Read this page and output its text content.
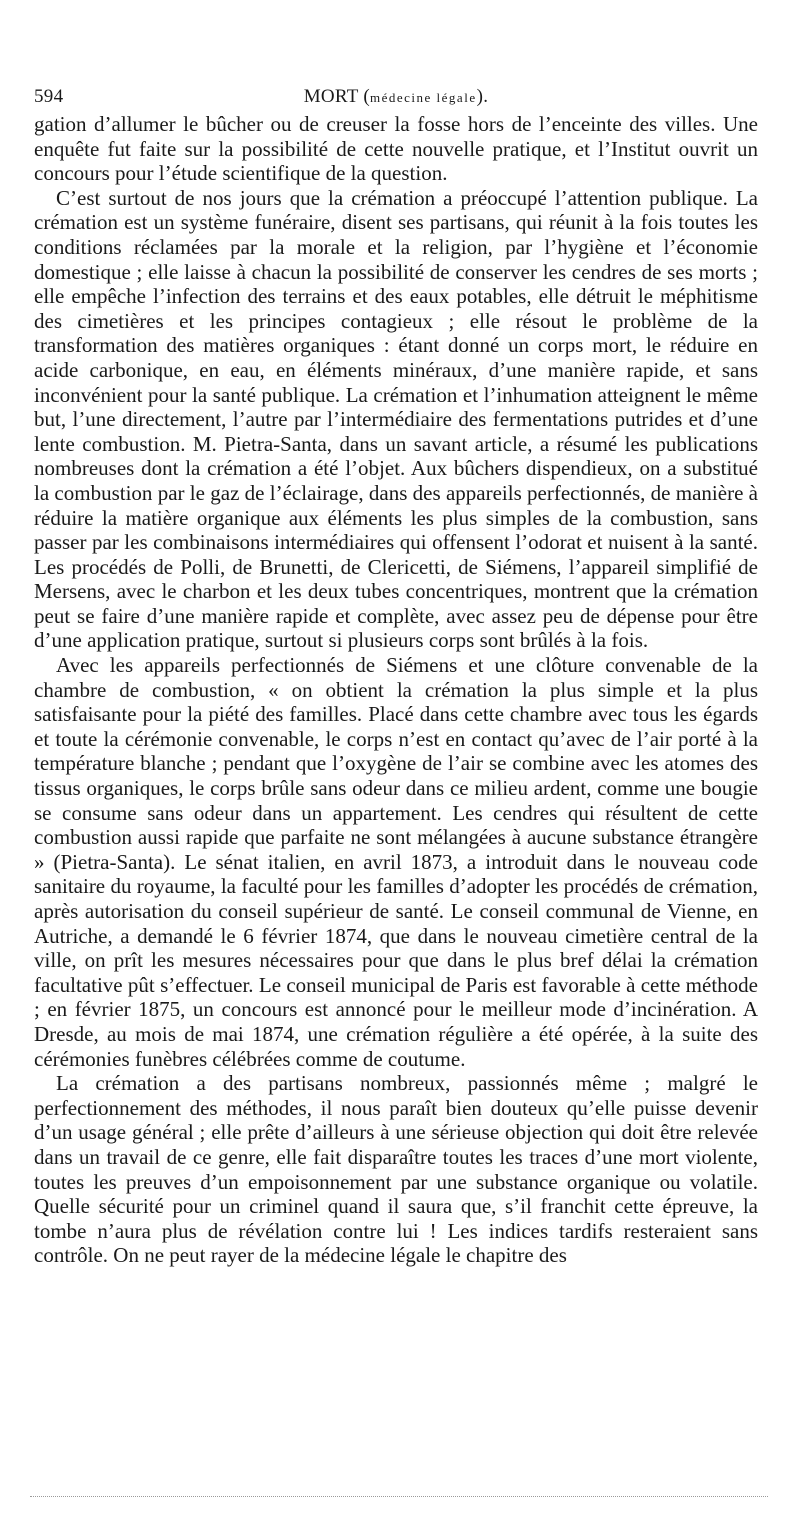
594	MORT (médecine légale).

gation d’allumer le bûcher ou de creuser la fosse hors de l’enceinte des villes. Une enquête fut faite sur la possibilité de cette nouvelle pratique, et l’Institut ouvrit un concours pour l’étude scientifique de la question.

C’est surtout de nos jours que la crémation a préoccupé l’attention publique. La crémation est un système funéraire, disent ses partisans, qui réunit à la fois toutes les conditions réclamées par la morale et la religion, par l’hygiène et l’économie domestique ; elle laisse à chacun la possibilité de conserver les cendres de ses morts ; elle empêche l’infection des terrains et des eaux potables, elle détruit le méphitisme des cimetières et les principes contagieux ; elle résout le problème de la transformation des matières organiques : étant donné un corps mort, le réduire en acide carbonique, en eau, en éléments minéraux, d’une manière rapide, et sans inconvénient pour la santé publique. La crémation et l’inhumation atteignent le même but, l’une directement, l’autre par l’intermédiaire des fermentations putrides et d’une lente combustion. M. Pietra-Santa, dans un savant article, a résumé les publications nombreuses dont la crémation a été l’objet. Aux bûchers dispendieux, on a substitué la combustion par le gaz de l’éclairage, dans des appareils perfectionnés, de manière à réduire la matière organique aux éléments les plus simples de la combustion, sans passer par les combinaisons intermédiaires qui offensent l’odorat et nuisent à la santé. Les procédés de Polli, de Brunetti, de Clericetti, de Siémens, l’appareil simplifié de Mersens, avec le charbon et les deux tubes concentriques, montrent que la crémation peut se faire d’une manière rapide et complète, avec assez peu de dépense pour être d’une application pratique, surtout si plusieurs corps sont brûlés à la fois.

Avec les appareils perfectionnés de Siémens et une clôture convenable de la chambre de combustion, « on obtient la crémation la plus simple et la plus satisfaisante pour la piété des familles. Placé dans cette chambre avec tous les égards et toute la cérémonie convenable, le corps n’est en contact qu’avec de l’air porté à la température blanche ; pendant que l’oxygène de l’air se combine avec les atomes des tissus organiques, le corps brûle sans odeur dans ce milieu ardent, comme une bougie se consume sans odeur dans un appartement. Les cendres qui résultent de cette combustion aussi rapide que parfaite ne sont mélangées à aucune substance étrangère » (Pietra-Santa). Le sénat italien, en avril 1873, a introduit dans le nouveau code sanitaire du royaume, la faculté pour les familles d’adopter les procédés de crémation, après autorisation du conseil supérieur de santé. Le conseil communal de Vienne, en Autriche, a demandé le 6 février 1874, que dans le nouveau cimetière central de la ville, on prît les mesures nécessaires pour que dans le plus bref délai la crémation facultative pût s’effectuer. Le conseil municipal de Paris est favorable à cette méthode ; en février 1875, un concours est annoncé pour le meilleur mode d’incinération. A Dresde, au mois de mai 1874, une crémation régulière a été opérée, à la suite des cérémonies funèbres célébrées comme de coutume.

La crémation a des partisans nombreux, passionnés même ; malgré le perfectionnement des méthodes, il nous paraît bien douteux qu’elle puisse devenir d’un usage général ; elle prête d’ailleurs à une sérieuse objection qui doit être relevée dans un travail de ce genre, elle fait disparaître toutes les traces d’une mort violente, toutes les preuves d’un empoisonnement par une substance organique ou volatile. Quelle sécurité pour un criminel quand il saura que, s’il franchit cette épreuve, la tombe n’aura plus de révélation contre lui ! Les indices tardifs resteraient sans contrôle. On ne peut rayer de la médecine légale le chapitre des
